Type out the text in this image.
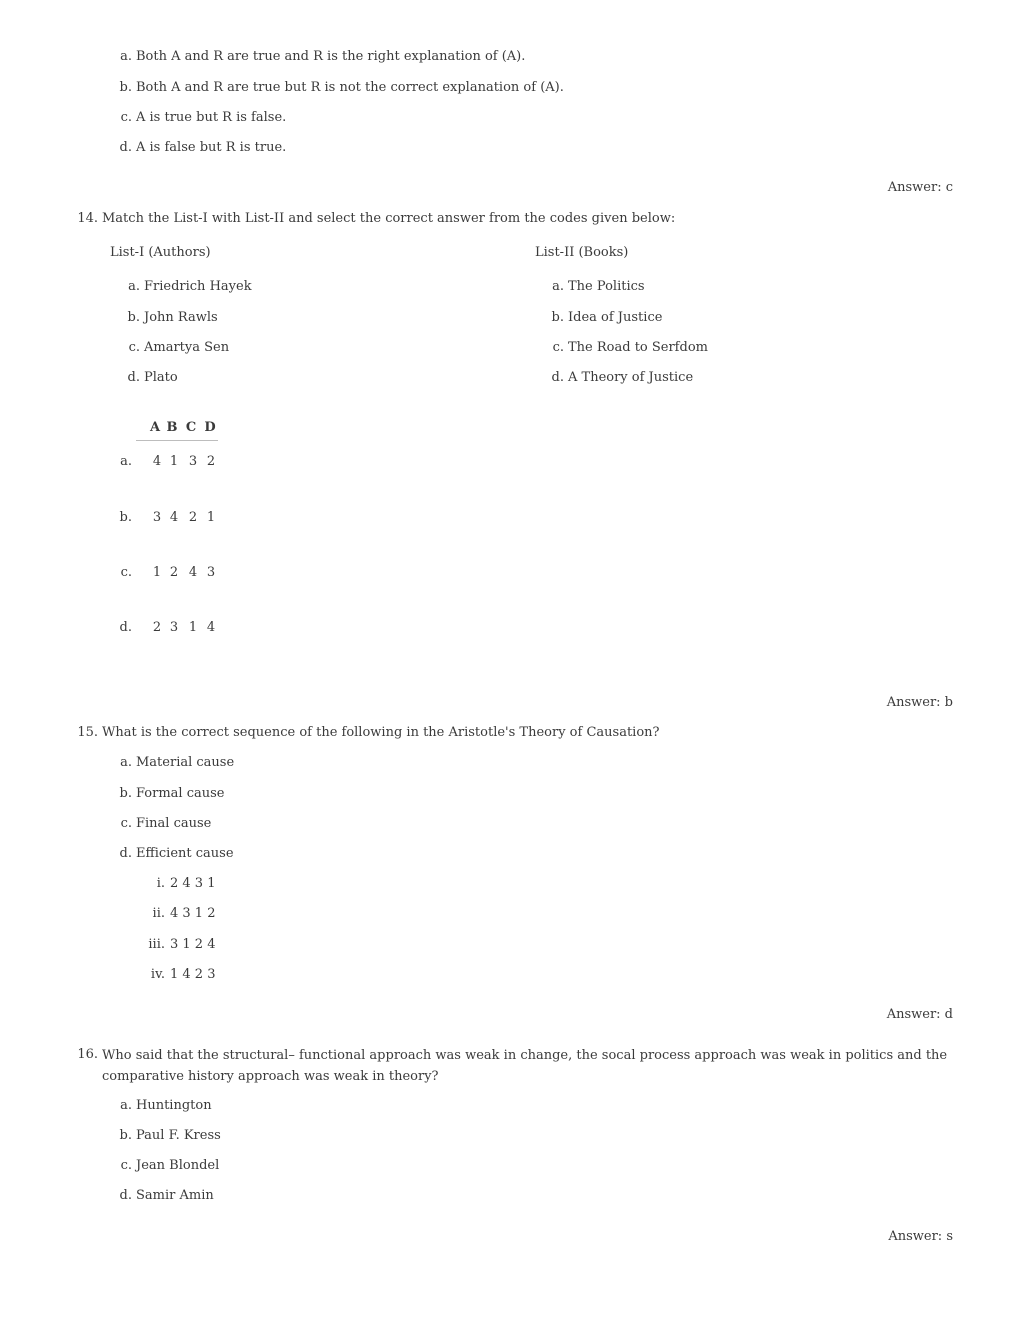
a. Both A and R are true and R is the right explanation of (A).
b. Both A and R are true but R is not the correct explanation of (A).
c. A is true but R is false.
d. A is false but R is true.
Answer: c
14. Match the List-I with List-II and select the correct answer from the codes given below:
List-I (Authors)	List-II (Books)
a. Friedrich Hayek
b. John Rawls
c. Amartya Sen
d. Plato
a. The Politics
b. Idea of Justice
c. The Road to Serfdom
d. A Theory of Justice
A B C D
a. 4 1 3 2
b. 3 4 2 1
c. 1 2 4 3
d. 2 3 1 4
Answer: b
15. What is the correct sequence of the following in the Aristotle's Theory of Causation?
a. Material cause
b. Formal cause
c. Final cause
d. Efficient cause
i. 2 4 3 1
ii. 4 3 1 2
iii. 3 1 2 4
iv. 1 4 2 3
Answer: d
16. Who said that the structural– functional approach was weak in change, the socal process approach was weak in politics and the comparative history approach was weak in theory?
a. Huntington
b. Paul F. Kress
c. Jean Blondel
d. Samir Amin
Answer: s
